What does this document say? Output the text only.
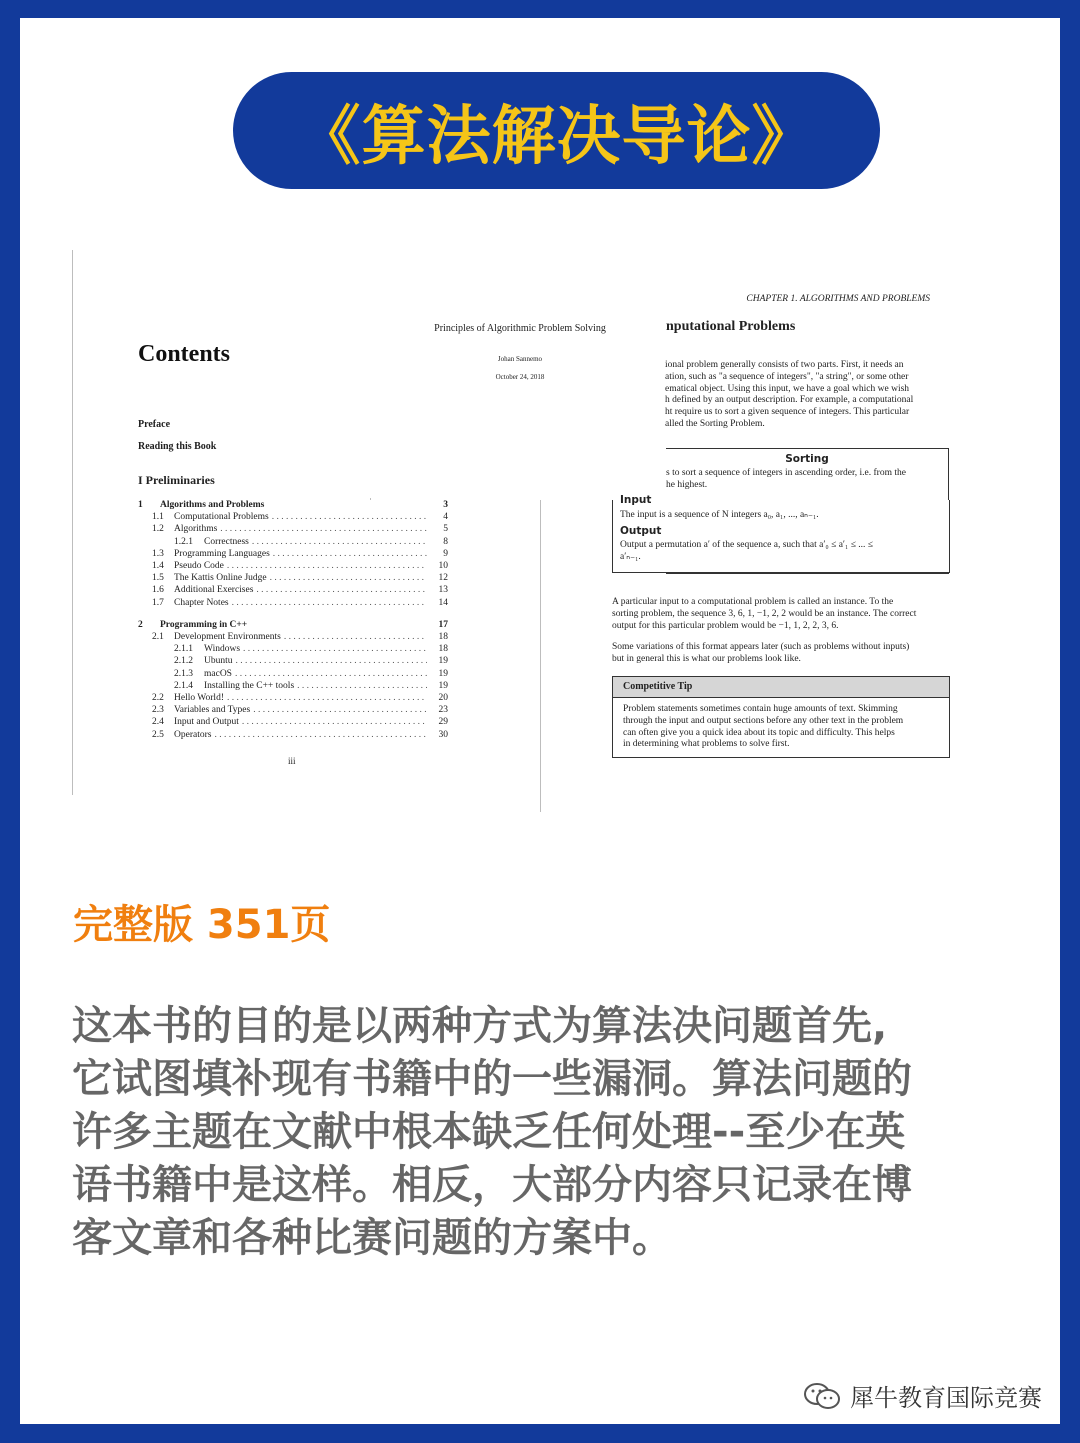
《算法解决导论》
Contents
Preface
Reading this Book
I Preliminaries
1	Algorithms and Problems	3
1.1	Computational Problems . . .	4
1.2	Algorithms . . .	5
1.2.1	Correctness . . .	8
1.3	Programming Languages . . .	9
1.4	Pseudo Code . . .	10
1.5	The Kattis Online Judge . . .	12
1.6	Additional Exercises . . .	13
1.7	Chapter Notes . . .	14
2	Programming in C++	17
2.1	Development Environments . . .	18
2.1.1	Windows . . .	18
2.1.2	Ubuntu . . .	19
2.1.3	macOS . . .	19
2.1.4	Installing the C++ tools . . .	19
2.2	Hello World! . . .	20
2.3	Variables and Types . . .	23
2.4	Input and Output . . .	29
2.5	Operators . . .	30
iii
Principles of Algorithmic Problem Solving
Johan Sannemo
October 24, 2018
CHAPTER 1. ALGORITHMS AND PROBLEMS
nputational Problems
ional problem generally consists of two parts. First, it needs an
ation, such as "a sequence of integers", "a string", or some other
ematical object. Using this input, we have a goal which we wish
h defined by an output description. For example, a computational
ht require us to sort a given sequence of integers. This particular
alled the Sorting Problem.
Sorting
s to sort a sequence of integers in ascending order, i.e. from the
he highest.
Input
The input is a sequence of N integers a₀, a₁, ..., aₙ₋₁.
Output
Output a permutation a′ of the sequence a, such that a′₀ ≤ a′₁ ≤ ... ≤
a′ₙ₋₁.
A particular input to a computational problem is called an instance. To the
sorting problem, the sequence 3, 6, 1, −1, 2, 2 would be an instance. The correct
output for this particular problem would be −1, 1, 2, 2, 3, 6.
Some variations of this format appears later (such as problems without inputs)
but in general this is what our problems look like.
Competitive Tip
Problem statements sometimes contain huge amounts of text. Skimming
through the input and output sections before any other text in the problem
can often give you a quick idea about its topic and difficulty. This helps
in determining what problems to solve first.
完整版 351页
这本书的目的是以两种方式为算法决问题首先,
它试图填补现有书籍中的一些漏洞。算法问题的
许多主题在文献中根本缺乏任何处理--至少在英
语书籍中是这样。相反，大部分内容只记录在博
客文章和各种比赛问题的方案中。
犀牛教育国际竞赛
